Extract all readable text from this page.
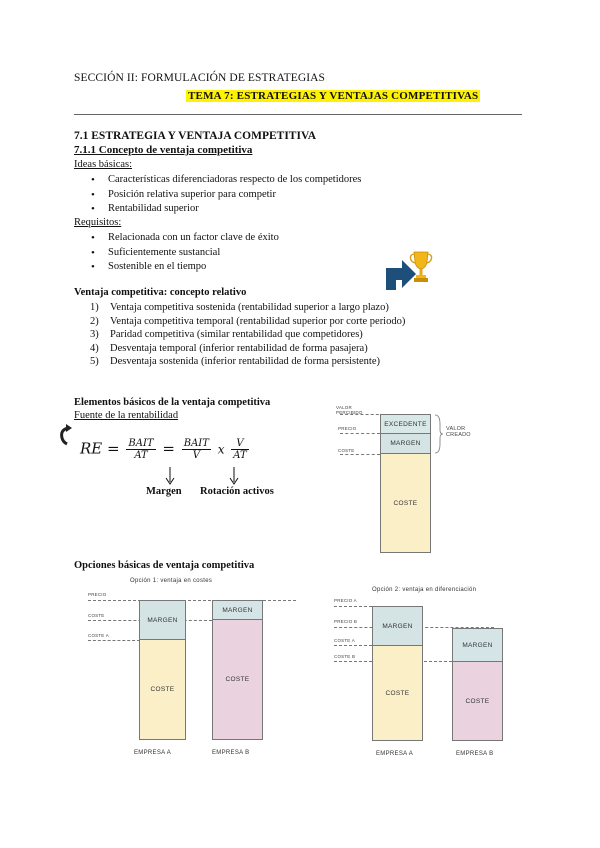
SECCIÓN II: FORMULACIÓN DE ESTRATEGIAS
TEMA 7: ESTRATEGIAS Y VENTAJAS COMPETITIVAS
7.1 ESTRATEGIA Y VENTAJA COMPETITIVA
7.1.1 Concepto de ventaja competitiva
Ideas básicas:
• Características diferenciadoras respecto de los competidores
• Posición relativa superior para competir
• Rentabilidad superior
Requisitos:
• Relacionada con un factor clave de éxito
• Suficientemente sustancial
• Sostenible en el tiempo
Ventaja competitiva: concepto relativo
1) Ventaja competitiva sostenida (rentabilidad superior a largo plazo)
2) Ventaja competitiva temporal (rentabilidad superior por corte periodo)
3) Paridad competitiva (similar rentabilidad que competidores)
4) Desventaja temporal (inferior rentabilidad de forma pasajera)
5) Desventaja sostenida (inferior rentabilidad de forma persistente)
Elementos básicos de la ventaja competitiva
Fuente de la rentabilidad
RE = $\frac{\text{BAIT}}{AT} = \frac{\text{BAIT}}{V}$ x $\frac{V}{AT}$
Margen Rotación activos
VALOR PERCIBIDO
PRECIO
COSTE
EXCEDENTE
MARGEN
COSTE
VALOR CREADO
Opciones básicas de ventaja competitiva
Opción 1: ventaja en costes
PRECIO
COSTE
COSTE A
MARGEN
COSTE
MARGEN
COSTE
EMPRESA A	EMPRESA B
Opción 2: ventaja en diferenciación
PRECIO A
PRECIO B
COSTE A
COSTE B
MARGEN
COSTE
MARGEN
COSTE
EMPRESA A	EMPRESA B
